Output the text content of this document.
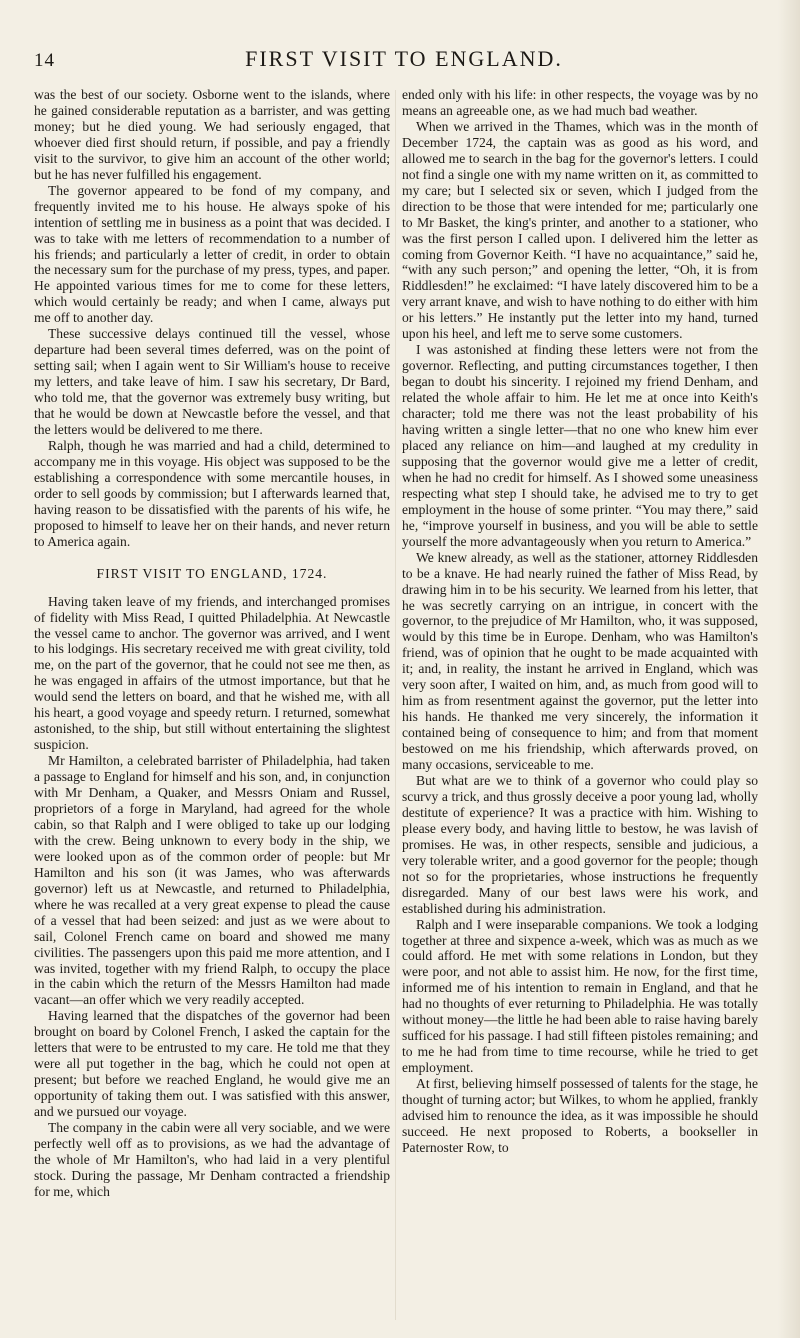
14	FIRST VISIT TO ENGLAND.

was the best of our society. Osborne went to the islands, where he gained considerable reputation as a barrister, and was getting money; but he died young. We had seriously engaged, that whoever died first should return, if possible, and pay a friendly visit to the survivor, to give him an account of the other world; but he has never fulfilled his engagement.

The governor appeared to be fond of my company, and frequently invited me to his house. He always spoke of his intention of settling me in business as a point that was decided. I was to take with me letters of recommendation to a number of his friends; and particularly a letter of credit, in order to obtain the necessary sum for the purchase of my press, types, and paper. He appointed various times for me to come for these letters, which would certainly be ready; and when I came, always put me off to another day.

These successive delays continued till the vessel, whose departure had been several times deferred, was on the point of setting sail; when I again went to Sir William's house to receive my letters, and take leave of him. I saw his secretary, Dr Bard, who told me, that the governor was extremely busy writing, but that he would be down at Newcastle before the vessel, and that the letters would be delivered to me there.

Ralph, though he was married and had a child, determined to accompany me in this voyage. His object was supposed to be the establishing a correspondence with some mercantile houses, in order to sell goods by commission; but I afterwards learned that, having reason to be dissatisfied with the parents of his wife, he proposed to himself to leave her on their hands, and never return to America again.

FIRST VISIT TO ENGLAND, 1724.

Having taken leave of my friends, and interchanged promises of fidelity with Miss Read, I quitted Philadelphia. At Newcastle the vessel came to anchor. The governor was arrived, and I went to his lodgings. His secretary received me with great civility, told me, on the part of the governor, that he could not see me then, as he was engaged in affairs of the utmost importance, but that he would send the letters on board, and that he wished me, with all his heart, a good voyage and speedy return. I returned, somewhat astonished, to the ship, but still without entertaining the slightest suspicion.

Mr Hamilton, a celebrated barrister of Philadelphia, had taken a passage to England for himself and his son, and, in conjunction with Mr Denham, a Quaker, and Messrs Oniam and Russel, proprietors of a forge in Maryland, had agreed for the whole cabin, so that Ralph and I were obliged to take up our lodging with the crew. Being unknown to every body in the ship, we were looked upon as of the common order of people: but Mr Hamilton and his son (it was James, who was afterwards governor) left us at Newcastle, and returned to Philadelphia, where he was recalled at a very great expense to plead the cause of a vessel that had been seized: and just as we were about to sail, Colonel French came on board and showed me many civilities. The passengers upon this paid me more attention, and I was invited, together with my friend Ralph, to occupy the place in the cabin which the return of the Messrs Hamilton had made vacant—an offer which we very readily accepted.

Having learned that the dispatches of the governor had been brought on board by Colonel French, I asked the captain for the letters that were to be entrusted to my care. He told me that they were all put together in the bag, which he could not open at present; but before we reached England, he would give me an opportunity of taking them out. I was satisfied with this answer, and we pursued our voyage.

The company in the cabin were all very sociable, and we were perfectly well off as to provisions, as we had the advantage of the whole of Mr Hamilton's, who had laid in a very plentiful stock. During the passage, Mr Denham contracted a friendship for me, which

ended only with his life: in other respects, the voyage was by no means an agreeable one, as we had much bad weather.

When we arrived in the Thames, which was in the month of December 1724, the captain was as good as his word, and allowed me to search in the bag for the governor's letters. I could not find a single one with my name written on it, as committed to my care; but I selected six or seven, which I judged from the direction to be those that were intended for me; particularly one to Mr Basket, the king's printer, and another to a stationer, who was the first person I called upon. I delivered him the letter as coming from Governor Keith. “I have no acquaintance,” said he, “with any such person;” and opening the letter, “Oh, it is from Riddlesden!” he exclaimed: “I have lately discovered him to be a very arrant knave, and wish to have nothing to do either with him or his letters.” He instantly put the letter into my hand, turned upon his heel, and left me to serve some customers.

I was astonished at finding these letters were not from the governor. Reflecting, and putting circumstances together, I then began to doubt his sincerity. I rejoined my friend Denham, and related the whole affair to him. He let me at once into Keith's character; told me there was not the least probability of his having written a single letter—that no one who knew him ever placed any reliance on him—and laughed at my credulity in supposing that the governor would give me a letter of credit, when he had no credit for himself. As I showed some uneasiness respecting what step I should take, he advised me to try to get employment in the house of some printer. “You may there,” said he, “improve yourself in business, and you will be able to settle yourself the more advantageously when you return to America.”

We knew already, as well as the stationer, attorney Riddlesden to be a knave. He had nearly ruined the father of Miss Read, by drawing him in to be his security. We learned from his letter, that he was secretly carrying on an intrigue, in concert with the governor, to the prejudice of Mr Hamilton, who, it was supposed, would by this time be in Europe. Denham, who was Hamilton's friend, was of opinion that he ought to be made acquainted with it; and, in reality, the instant he arrived in England, which was very soon after, I waited on him, and, as much from good will to him as from resentment against the governor, put the letter into his hands. He thanked me very sincerely, the information it contained being of consequence to him; and from that moment bestowed on me his friendship, which afterwards proved, on many occasions, serviceable to me.

But what are we to think of a governor who could play so scurvy a trick, and thus grossly deceive a poor young lad, wholly destitute of experience? It was a practice with him. Wishing to please every body, and having little to bestow, he was lavish of promises. He was, in other respects, sensible and judicious, a very tolerable writer, and a good governor for the people; though not so for the proprietaries, whose instructions he frequently disregarded. Many of our best laws were his work, and established during his administration.

Ralph and I were inseparable companions. We took a lodging together at three and sixpence a-week, which was as much as we could afford. He met with some relations in London, but they were poor, and not able to assist him. He now, for the first time, informed me of his intention to remain in England, and that he had no thoughts of ever returning to Philadelphia. He was totally without money—the little he had been able to raise having barely sufficed for his passage. I had still fifteen pistoles remaining; and to me he had from time to time recourse, while he tried to get employment.

At first, believing himself possessed of talents for the stage, he thought of turning actor; but Wilkes, to whom he applied, frankly advised him to renounce the idea, as it was impossible he should succeed. He next proposed to Roberts, a bookseller in Paternoster Row, to
